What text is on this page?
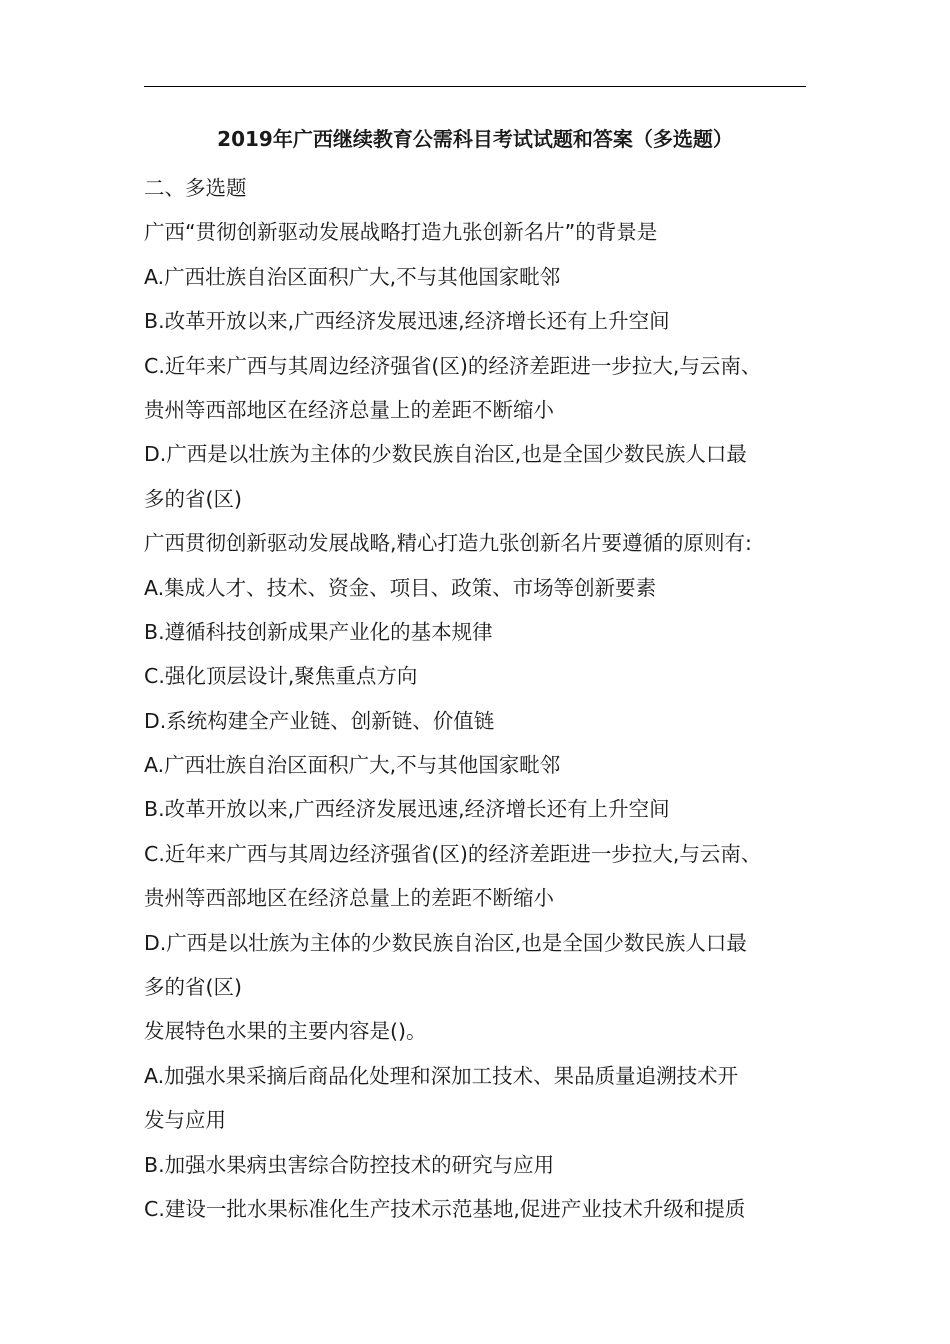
2019年广西继续教育公需科目考试试题和答案（多选题）
二、多选题
广西“贯彻创新驱动发展战略打造九张创新名片”的背景是
A.广西壮族自治区面积广大,不与其他国家毗邻
B.改革开放以来,广西经济发展迅速,经济增长还有上升空间
C.近年来广西与其周边经济强省(区)的经济差距进一步拉大,与云南、
贵州等西部地区在经济总量上的差距不断缩小
D.广西是以壮族为主体的少数民族自治区,也是全国少数民族人口最
多的省(区)
广西贯彻创新驱动发展战略,精心打造九张创新名片要遵循的原则有:
A.集成人才、技术、资金、项目、政策、市场等创新要素
B.遵循科技创新成果产业化的基本规律
C.强化顶层设计,聚焦重点方向
D.系统构建全产业链、创新链、价值链
A.广西壮族自治区面积广大,不与其他国家毗邻
B.改革开放以来,广西经济发展迅速,经济增长还有上升空间
C.近年来广西与其周边经济强省(区)的经济差距进一步拉大,与云南、
贵州等西部地区在经济总量上的差距不断缩小
D.广西是以壮族为主体的少数民族自治区,也是全国少数民族人口最
多的省(区)
发展特色水果的主要内容是()。
A.加强水果采摘后商品化处理和深加工技术、果品质量追溯技术开
发与应用
B.加强水果病虫害综合防控技术的研究与应用
C.建设一批水果标准化生产技术示范基地,促进产业技术升级和提质
